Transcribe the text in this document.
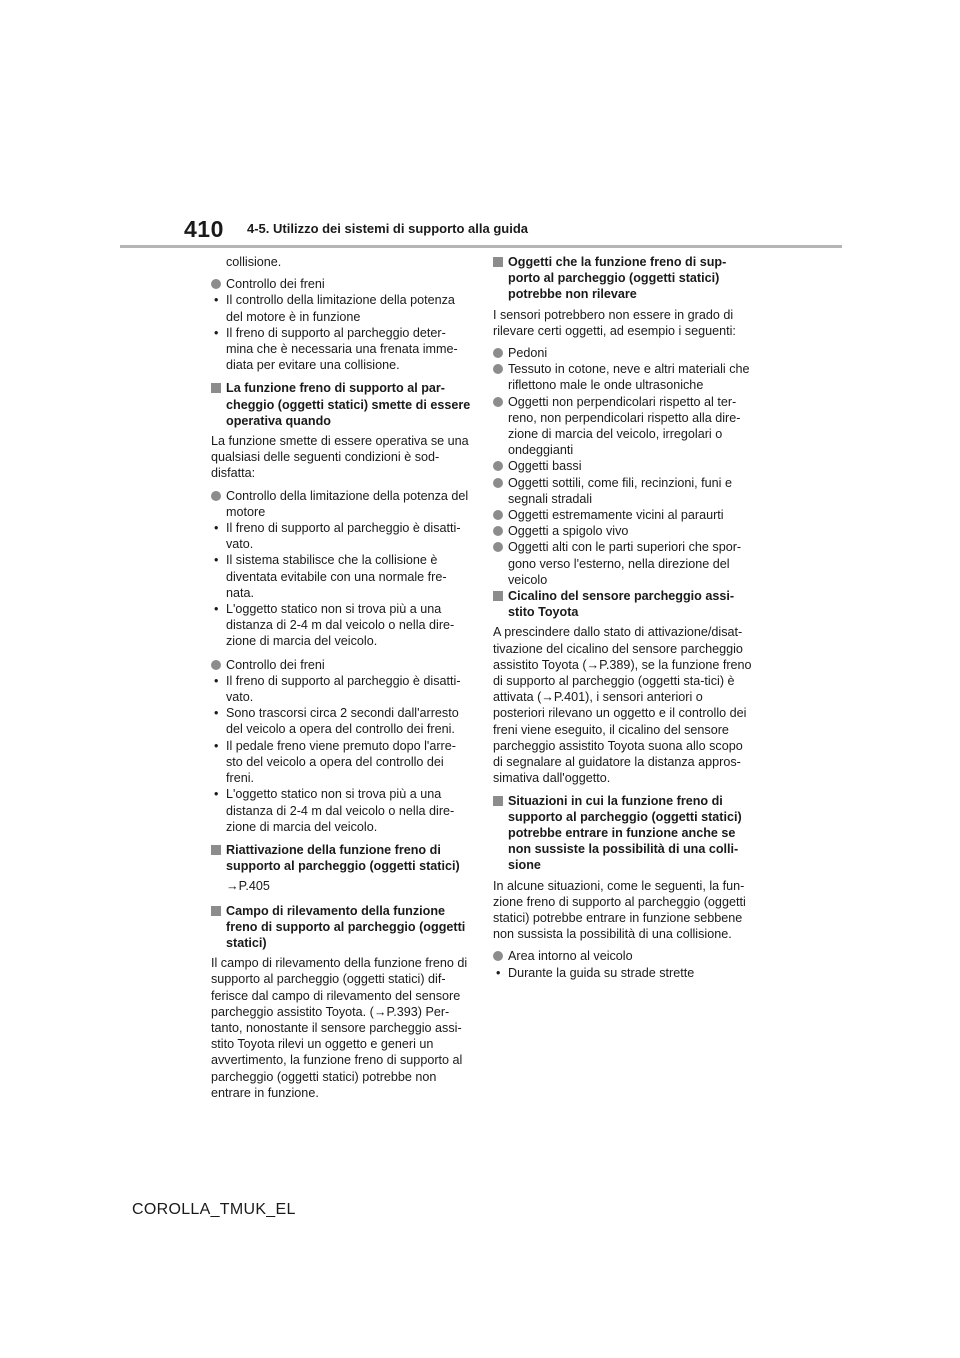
410 4-5. Utilizzo dei sistemi di supporto alla guida
collisione.
Controllo dei freni
• Il controllo della limitazione della potenza del motore è in funzione
• Il freno di supporto al parcheggio deter-mina che è necessaria una frenata imme-diata per evitare una collisione.
La funzione freno di supporto al par-cheggio (oggetti statici) smette di essere operativa quando

La funzione smette di essere operativa se una qualsiasi delle seguenti condizioni è sod-disfatta:

Controllo della limitazione della potenza del motore
• Il freno di supporto al parcheggio è disatti-vato.
• Il sistema stabilisce che la collisione è diventata evitabile con una normale fre-nata.
• L'oggetto statico non si trova più a una distanza di 2-4 m dal veicolo o nella dire-zione di marcia del veicolo.
Controllo dei freni
• Il freno di supporto al parcheggio è disatti-vato.
• Sono trascorsi circa 2 secondi dall'arresto del veicolo a opera del controllo dei freni.
• Il pedale freno viene premuto dopo l'arre-sto del veicolo a opera del controllo dei freni.
• L'oggetto statico non si trova più a una distanza di 2-4 m dal veicolo o nella dire-zione di marcia del veicolo.
Riattivazione della funzione freno di supporto al parcheggio (oggetti statici)
→P.405
Campo di rilevamento della funzione freno di supporto al parcheggio (oggetti statici)

Il campo di rilevamento della funzione freno di supporto al parcheggio (oggetti statici) dif-ferisce dal campo di rilevamento del sensore parcheggio assistito Toyota. (→P.393) Per-tanto, nonostante il sensore parcheggio assi-stito Toyota rilevi un oggetto e generi un avvertimento, la funzione freno di supporto al parcheggio (oggetti statici) potrebbe non entrare in funzione.

Oggetti che la funzione freno di sup-porto al parcheggio (oggetti statici) potrebbe non rilevare

I sensori potrebbero non essere in grado di rilevare certi oggetti, ad esempio i seguenti:

Pedoni
Tessuto in cotone, neve e altri materiali che riflettono male le onde ultrasoniche
Oggetti non perpendicolari rispetto al ter-reno, non perpendicolari rispetto alla dire-zione di marcia del veicolo, irregolari o ondeggianti
Oggetti bassi
Oggetti sottili, come fili, recinzioni, funi e segnali stradali
Oggetti estremamente vicini al paraurti
Oggetti a spigolo vivo
Oggetti alti con le parti superiori che spor-gono verso l'esterno, nella direzione del veicolo
Cicalino del sensore parcheggio assi-stito Toyota

A prescindere dallo stato di attivazione/disat-tivazione del cicalino del sensore parcheggio assistito Toyota (→P.389), se la funzione freno di supporto al parcheggio (oggetti sta-tici) è attivata (→P.401), i sensori anteriori o posteriori rilevano un oggetto e il controllo dei freni viene eseguito, il cicalino del sensore parcheggio assistito Toyota suona allo scopo di segnalare al guidatore la distanza appros-simativa dall'oggetto.

Situazioni in cui la funzione freno di supporto al parcheggio (oggetti statici) potrebbe entrare in funzione anche se non sussiste la possibilità di una colli-sione

In alcune situazioni, come le seguenti, la fun-zione freno di supporto al parcheggio (oggetti statici) potrebbe entrare in funzione sebbene non sussista la possibilità di una collisione.

Area intorno al veicolo
• Durante la guida su strade strette
COROLLA_TMUK_EL
